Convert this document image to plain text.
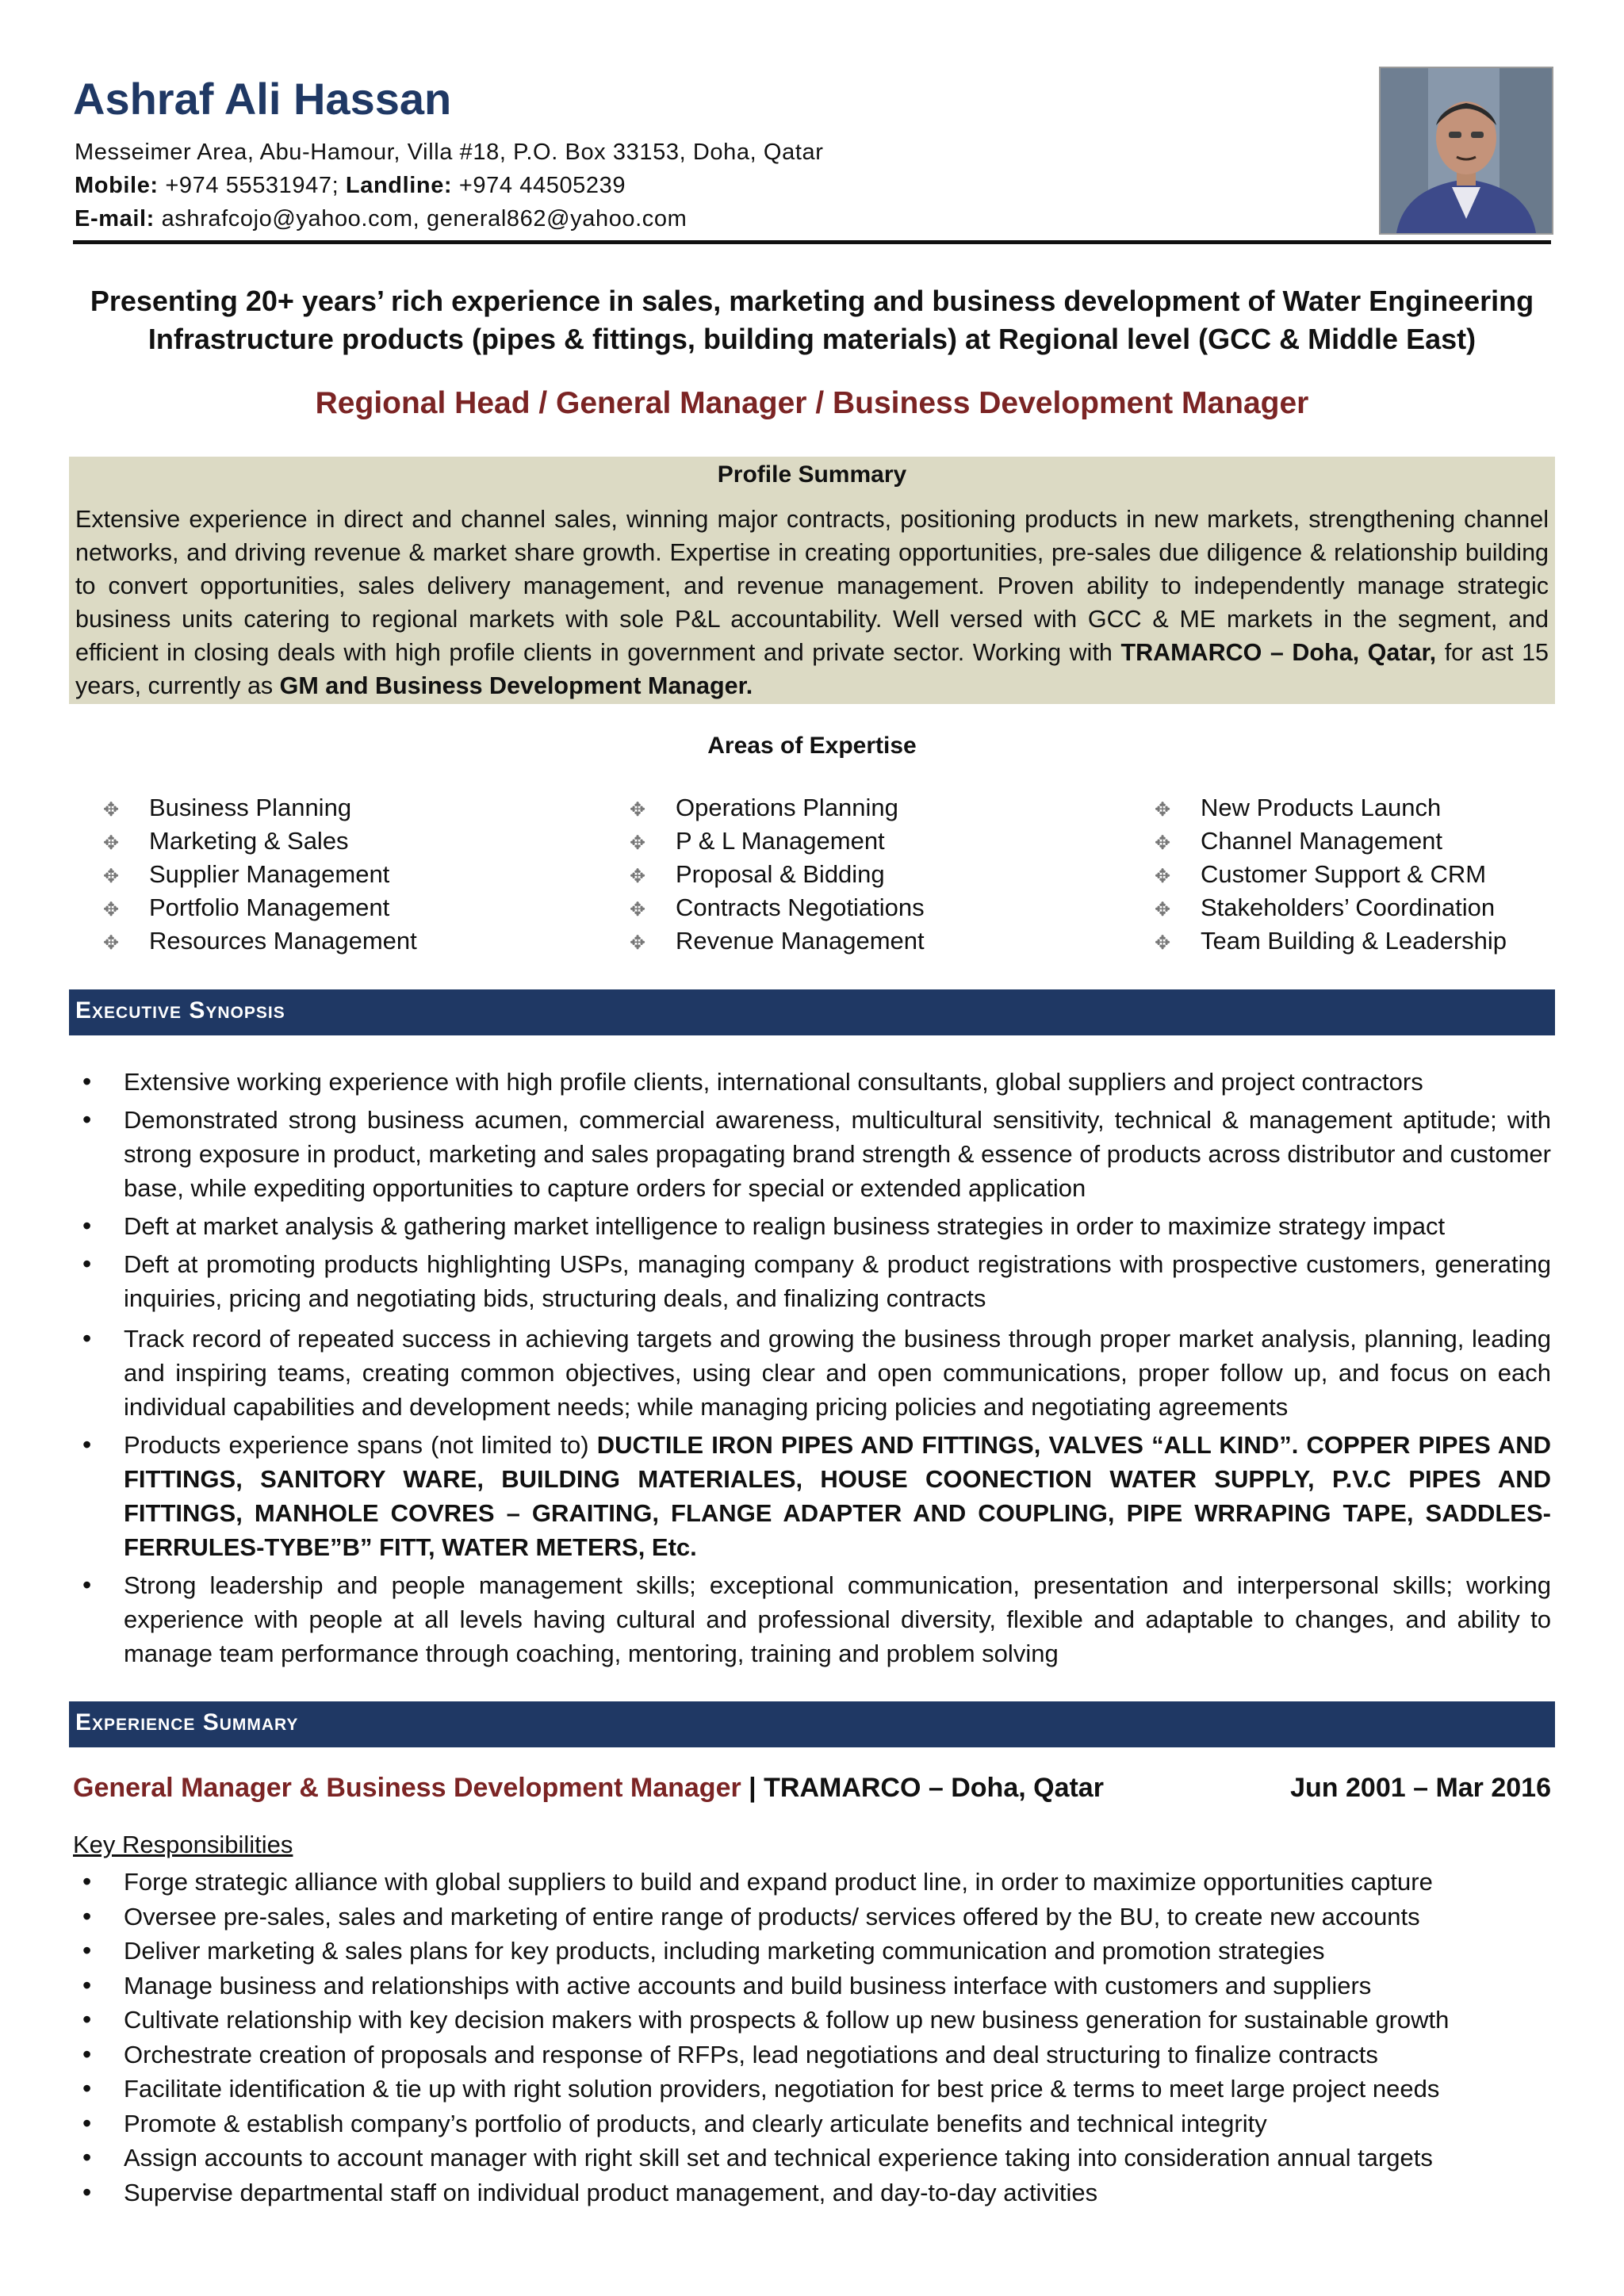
Ashraf Ali Hassan
Messeimer Area, Abu-Hamour, Villa #18, P.O. Box 33153, Doha, Qatar
Mobile: +974 55531947; Landline: +974 44505239
E-mail: ashrafcojo@yahoo.com, general862@yahoo.com
Presenting 20+ years’ rich experience in sales, marketing and business development of Water Engineering
Infrastructure products (pipes & fittings, building materials) at Regional level (GCC & Middle East)
Regional Head / General Manager / Business Development Manager
Profile Summary
Extensive experience in direct and channel sales, winning major contracts, positioning products in new markets, strengthening channel networks, and driving revenue & market share growth. Expertise in creating opportunities, pre-sales due diligence & relationship building to convert opportunities, sales delivery management, and revenue management. Proven ability to independently manage strategic business units catering to regional markets with sole P&L accountability. Well versed with GCC & ME markets in the segment, and efficient in closing deals with high profile clients in government and private sector. Working with TRAMARCO – Doha, Qatar, for ast 15 years, currently as GM and Business Development Manager.
Areas of Expertise
✥ Business Planning
✥ Marketing & Sales
✥ Supplier Management
✥ Portfolio Management
✥ Resources Management
✥ Operations Planning
✥ P & L Management
✥ Proposal & Bidding
✥ Contracts Negotiations
✥ Revenue Management
✥ New Products Launch
✥ Channel Management
✥ Customer Support & CRM
✥ Stakeholders’ Coordination
✥ Team Building & Leadership
Executive Synopsis
• Extensive working experience with high profile clients, international consultants, global suppliers and project contractors
• Demonstrated strong business acumen, commercial awareness, multicultural sensitivity, technical & management aptitude; with strong exposure in product, marketing and sales propagating brand strength & essence of products across distributor and customer base, while expediting opportunities to capture orders for special or extended application
• Deft at market analysis & gathering market intelligence to realign business strategies in order to maximize strategy impact
• Deft at promoting products highlighting USPs, managing company & product registrations with prospective customers, generating inquiries, pricing and negotiating bids, structuring deals, and finalizing contracts
• Track record of repeated success in achieving targets and growing the business through proper market analysis, planning, leading and inspiring teams, creating common objectives, using clear and open communications, proper follow up, and focus on each individual capabilities and development needs; while managing pricing policies and negotiating agreements
• Products experience spans (not limited to) DUCTILE IRON PIPES AND FITTINGS, VALVES “ALL KIND”. COPPER PIPES AND FITTINGS, SANITORY WARE, BUILDING MATERIALES, HOUSE COONECTION WATER SUPPLY, P.V.C PIPES AND FITTINGS, MANHOLE COVRES – GRAITING, FLANGE ADAPTER AND COUPLING, PIPE WRRAPING TAPE, SADDLES-FERRULES-TYBE”B” FITT, WATER METERS, Etc.
• Strong leadership and people management skills; exceptional communication, presentation and interpersonal skills; working experience with people at all levels having cultural and professional diversity, flexible and adaptable to changes, and ability to manage team performance through coaching, mentoring, training and problem solving
Experience Summary
General Manager & Business Development Manager | TRAMARCO – Doha, Qatar	Jun 2001 – Mar 2016
Key Responsibilities
• Forge strategic alliance with global suppliers to build and expand product line, in order to maximize opportunities capture
• Oversee pre-sales, sales and marketing of entire range of products/ services offered by the BU, to create new accounts
• Deliver marketing & sales plans for key products, including marketing communication and promotion strategies
• Manage business and relationships with active accounts and build business interface with customers and suppliers
• Cultivate relationship with key decision makers with prospects & follow up new business generation for sustainable growth
• Orchestrate creation of proposals and response of RFPs, lead negotiations and deal structuring to finalize contracts
• Facilitate identification & tie up with right solution providers, negotiation for best price & terms to meet large project needs
• Promote & establish company’s portfolio of products, and clearly articulate benefits and technical integrity
• Assign accounts to account manager with right skill set and technical experience taking into consideration annual targets
• Supervise departmental staff on individual product management, and day-to-day activities
